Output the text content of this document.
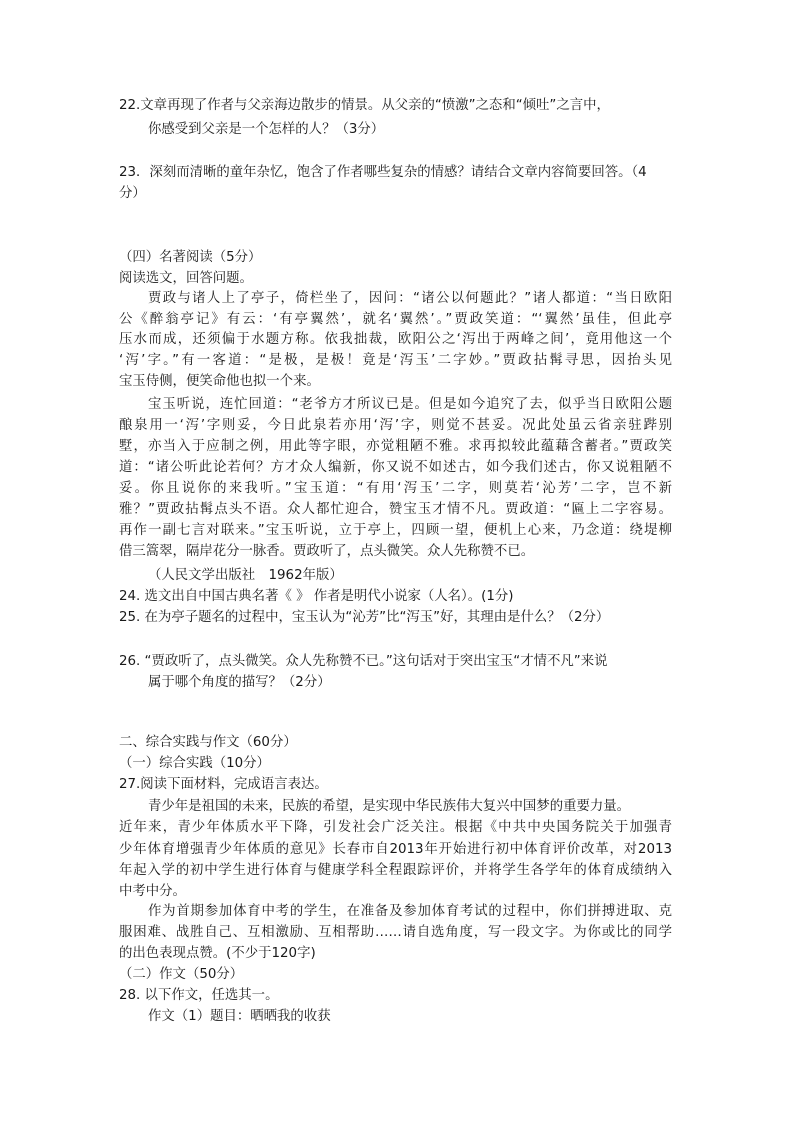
22.文章再现了作者与父亲海边散步的情景。从父亲的“愤激”之态和“倾吐”之言中，

你感受到父亲是一个怎样的人？（3分）

23．深刻而清晰的童年杂忆，饱含了作者哪些复杂的情感？请结合文章内容简要回答。（4

分）

（四）名著阅读（5分）

阅读选文，回答问题。

贾政与诸人上了亭子，倚栏坐了，因问：“诸公以何题此？”诸人都道：“当日欧阳

公《醉翁亭记》有云：‘有亭翼然’，就名‘翼然’。”贾政笑道：“‘翼然’虽佳，但此亭

压水而成，还须偏于水题方称。依我拙裁，欧阳公之‘泻出于两峰之间’，竟用他这一个

‘泻’字。”有一客道：“是极，是极！竟是‘泻玉’二字妙。”贾政拈髯寻思，因抬头见

宝玉侍侧，便笑命他也拟一个来。

宝玉听说，连忙回道：“老爷方才所议已是。但是如今追究了去，似乎当日欧阳公题

酿泉用一‘泻’字则妥，今日此泉若亦用‘泻’字，则觉不甚妥。况此处虽云省亲驻跸别

墅，亦当入于应制之例，用此等字眼，亦觉粗陋不雅。求再拟较此蕴藉含蓄者。”贾政笑

道：“诸公听此论若何？方才众人编新，你又说不如述古，如今我们述古，你又说粗陋不

妥。你且说你的来我听。”宝玉道：“有用‘泻玉’二字，则莫若‘沁芳’二字，岂不新

雅？”贾政拈髯点头不语。众人都忙迎合，赞宝玉才情不凡。贾政道：“匾上二字容易。

再作一副七言对联来。”宝玉听说，立于亭上，四顾一望，便机上心来，乃念道：绕堤柳

借三篙翠，隔岸花分一脉香。贾政听了，点头微笑。众人先称赞不已。

（人民文学出版社　1962年版）

24. 选文出自中国古典名著《 》 作者是明代小说家（人名）。(1分)

25. 在为亭子题名的过程中，宝玉认为“沁芳”比“泻玉”好，其理由是什么？（2分）

26. “贾政听了，点头微笑。众人先称赞不已。”这句话对于突出宝玉“才情不凡”来说

属于哪个角度的描写？（2分）

二、综合实践与作文（60分）

（一）综合实践（10分）

27.阅读下面材料，完成语言表达。

青少年是祖国的未来，民族的希望，是实现中华民族伟大复兴中国梦的重要力量。

近年来，青少年体质水平下降，引发社会广泛关注。根据《中共中央国务院关于加强青

少年体育增强青少年体质的意见》长春市自2013年开始进行初中体育评价改革，对2013

年起入学的初中学生进行体育与健康学科全程跟踪评价，并将学生各学年的体育成绩纳入

中考中分。

作为首期参加体育中考的学生，在准备及参加体育考试的过程中，你们拼搏进取、克

服困难、战胜自己、互相激励、互相帮助……请自选角度，写一段文字。为你或比的同学

的出色表现点赞。(不少于120字)

（二）作文（50分）

28. 以下作文，任选其一。

作文（1）题目：晒晒我的收获
